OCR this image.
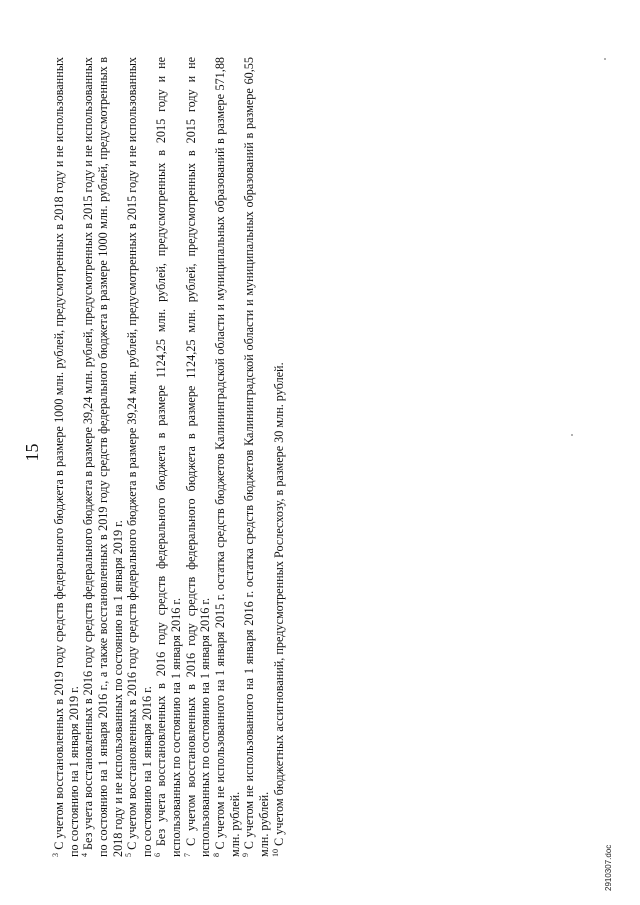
15

$^3$ С учетом восстановленных в 2019 году средств федерального бюджета в размере 1000 млн. рублей, предусмотренных в 2018 году и не использованных по состоянию на 1 января 2019 г. $^4$ Без учета восстановленных в 2016 году средств федерального бюджета в размере 39,24 млн. рублей, предусмотренных в 2015 году и не использованных по состоянию на 1 января 2016 г., а также восстановленных в 2019 году средств федерального бюджета в размере 1000 млн. рублей, предусмотренных в 2018 году и не использованных по состоянию на 1 января 2019 г. $^5$ С учетом восстановленных в 2016 году средств федерального бюджета в размере 39,24 млн. рублей, предусмотренных в 2015 году и не использованных по состоянию на 1 января 2016 г. $^6$ Без учета восстановленных в 2016 году средств федерального бюджета в размере 1124,25 млн. рублей, предусмотренных в 2015 году и не использованных по состоянию на 1 января 2016 г. $^7$ С учетом восстановленных в 2016 году средств федерального бюджета в размере 1124,25 млн. рублей, предусмотренных в 2015 году и не использованных по состоянию на 1 января 2016 г. $^8$ С учетом не использованного на 1 января 2015 г. остатка средств бюджетов Калининградской области и муниципальных образований в размере 571,88 млн. рублей. $^9$ С учетом не использованного на 1 января 2016 г. остатка средств бюджетов Калининградской области и муниципальных образований в размере 60,55 млн. рублей. $^{10}$ С учетом бюджетных ассигнований, предусмотренных Рослесхозу, в размере 30 млн. рублей.

2910307.doc
